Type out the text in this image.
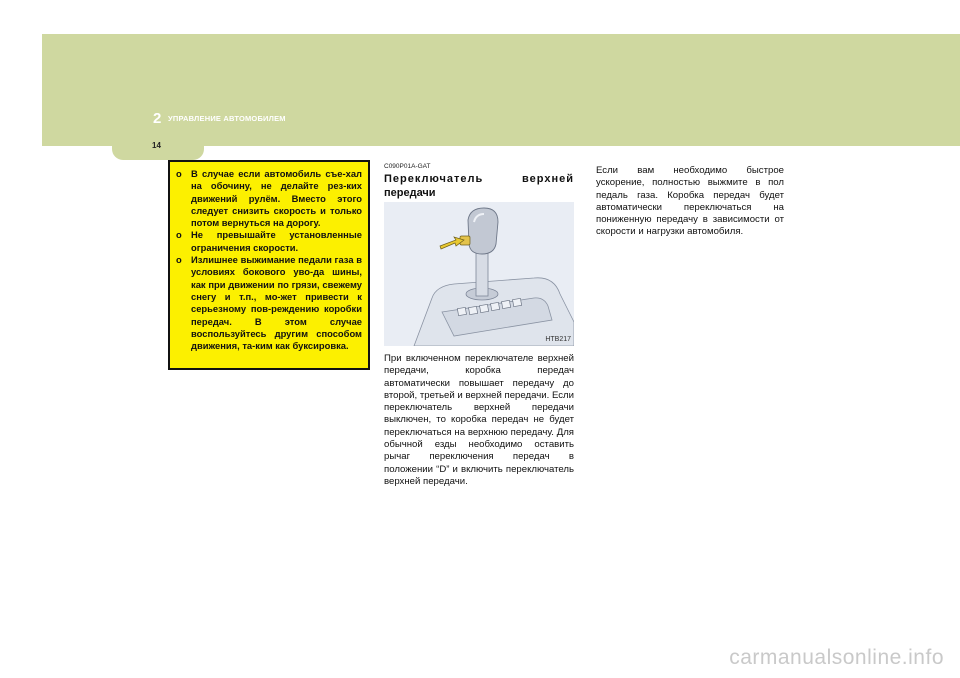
2 УПРАВЛЕНИЕ АВТОМОБИЛЕМ
14
o В случае если автомобиль съе-хал на обочину, не делайте рез-ких движений рулём. Вместо этого следует снизить скорость и только потом вернуться на дорогу.
o Не превышайте установленные ограничения скорости.
o Излишнее выжимание педали газа в условиях бокового уво-да шины, как при движении по грязи, свежему снегу и т.п., мо-жет привести к серьезному пов-реждению коробки передач. В этом случае воспользуйтесь другим способом движения, та-ким как буксировка.
C090P01A-GAT
Переключатель	верхней
передачи
HTB217
При включенном переключателе верхней передачи, коробка передач автоматически повышает передачу до второй, третьей и верхней передачи. Если переключатель верхней передачи выключен, то коробка передач не будет переключаться на верхнюю передачу. Для обычной езды необходимо оставить рычаг переключения передач в положении “D” и включить переключатель верхней передачи.
Если вам необходимо быстрое ускорение, полностью выжмите в пол педаль газа. Коробка передач будет автоматически переключаться на пониженную передачу в зависимости от скорости и нагрузки автомобиля.
carmanualsonline.info
